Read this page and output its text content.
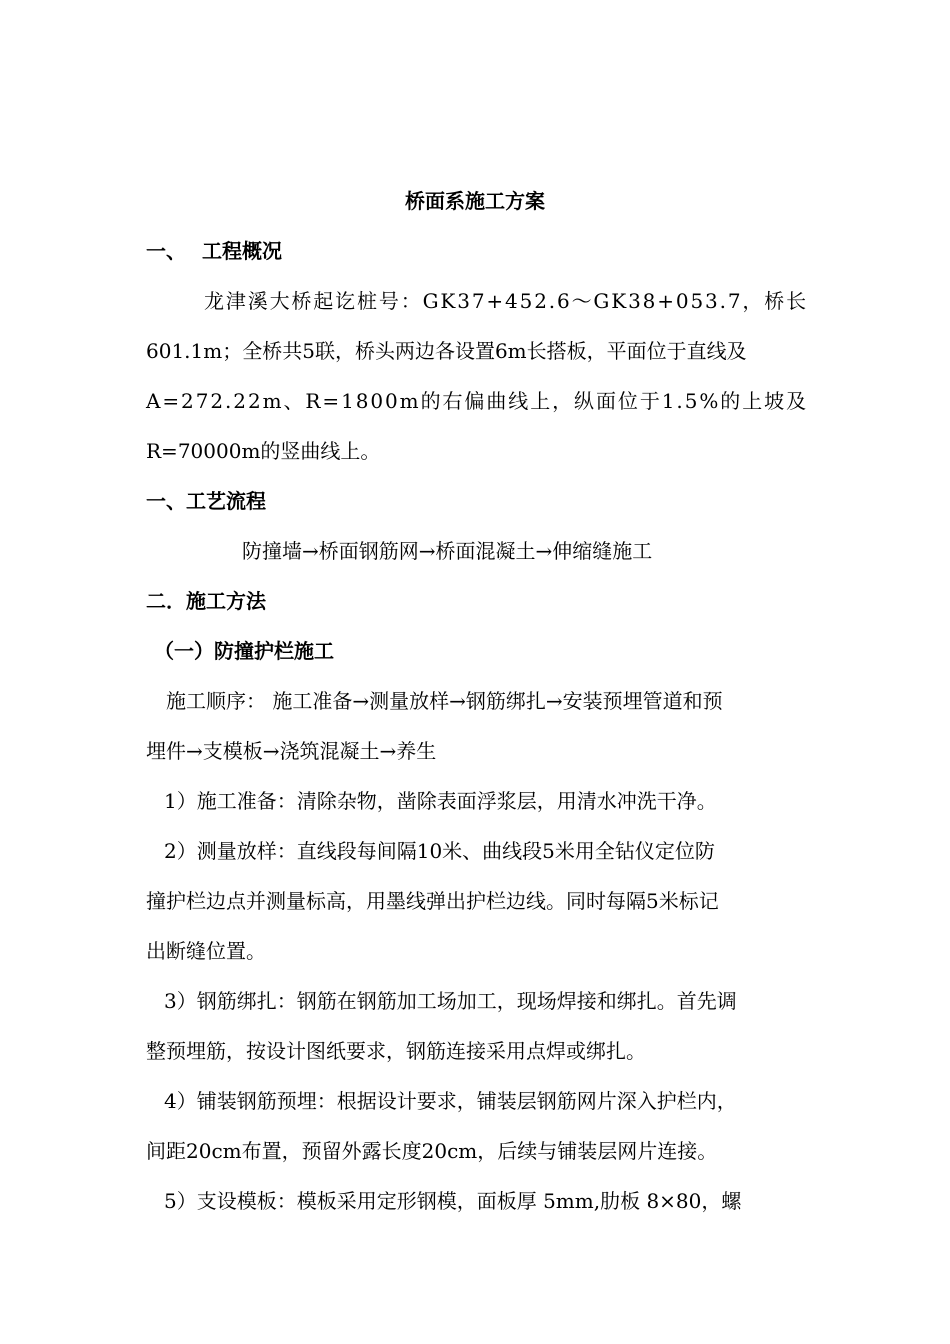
桥面系施工方案
一、 工程概况
龙津溪大桥起讫桩号：GK37+452.6～GK38+053.7，桥长
601.1m；全桥共5联，桥头两边各设置6m长搭板，平面位于直线及
A=272.22m、R=1800m的右偏曲线上，纵面位于1.5%的上坡及
R=70000m的竖曲线上。
一、工艺流程
防撞墙→桥面钢筋网→桥面混凝土→伸缩缝施工
二．施工方法
（一）防撞护栏施工
施工顺序： 施工准备→测量放样→钢筋绑扎→安装预埋管道和预
埋件→支模板→浇筑混凝土→养生
1）施工准备：清除杂物，凿除表面浮浆层，用清水冲洗干净。
2）测量放样：直线段每间隔10米、曲线段5米用全钻仪定位防
撞护栏边点并测量标高，用墨线弹出护栏边线。同时每隔5米标记
出断缝位置。
3）钢筋绑扎：钢筋在钢筋加工场加工，现场焊接和绑扎。首先调
整预埋筋，按设计图纸要求，钢筋连接采用点焊或绑扎。
4）铺装钢筋预埋：根据设计要求，铺装层钢筋网片深入护栏内，
间距20cm布置，预留外露长度20cm，后续与铺装层网片连接。
5）支设模板：模板采用定形钢模，面板厚 5mm,肋板 8×80，螺
